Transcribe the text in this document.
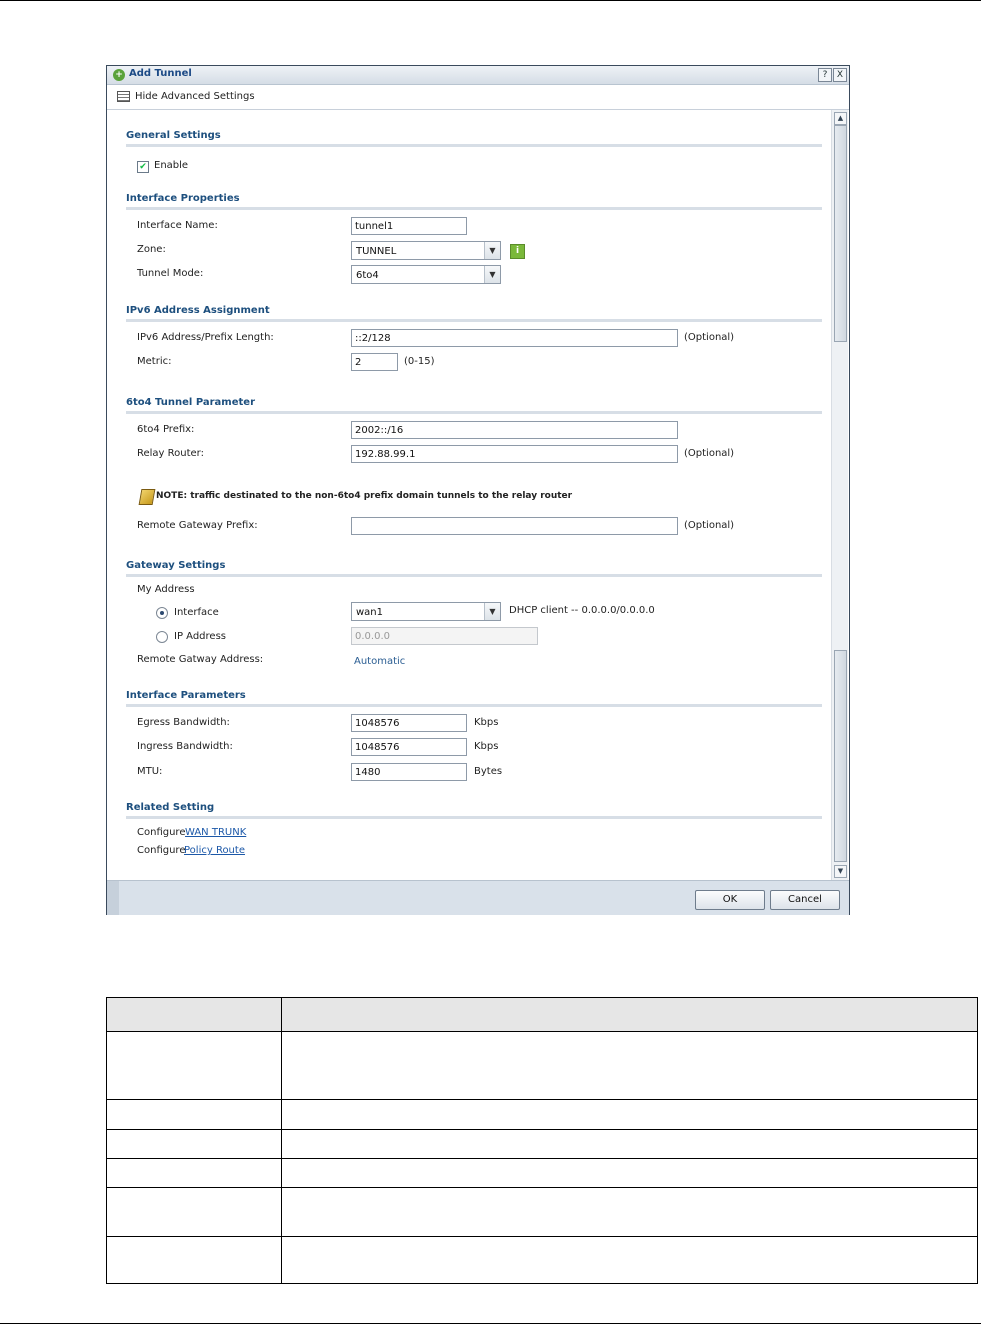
+ Add Tunnel	?	X
Hide Advanced Settings
General Settings
✔ Enable
Interface Properties
Interface Name:	tunnel1
Zone:	TUNNEL	▼	i
Tunnel Mode:	6to4	▼
IPv6 Address Assignment
IPv6 Address/Prefix Length:	::2/128	(Optional)
Metric:	2	(0-15)
6to4 Tunnel Parameter
6to4 Prefix:	2002::/16
Relay Router:	192.88.99.1	(Optional)
NOTE: traffic destinated to the non-6to4 prefix domain tunnels to the relay router
Remote Gateway Prefix:	(Optional)
Gateway Settings
My Address
Interface	wan1	▼	DHCP client -- 0.0.0.0/0.0.0.0
IP Address	0.0.0.0
Remote Gatway Address:	Automatic
Interface Parameters
Egress Bandwidth:	1048576	Kbps
Ingress Bandwidth:	1048576	Kbps
MTU:	1480	Bytes
Related Setting
Configure WAN TRUNK
Configure
Policy Route
▲
▼
OK	Cancel
